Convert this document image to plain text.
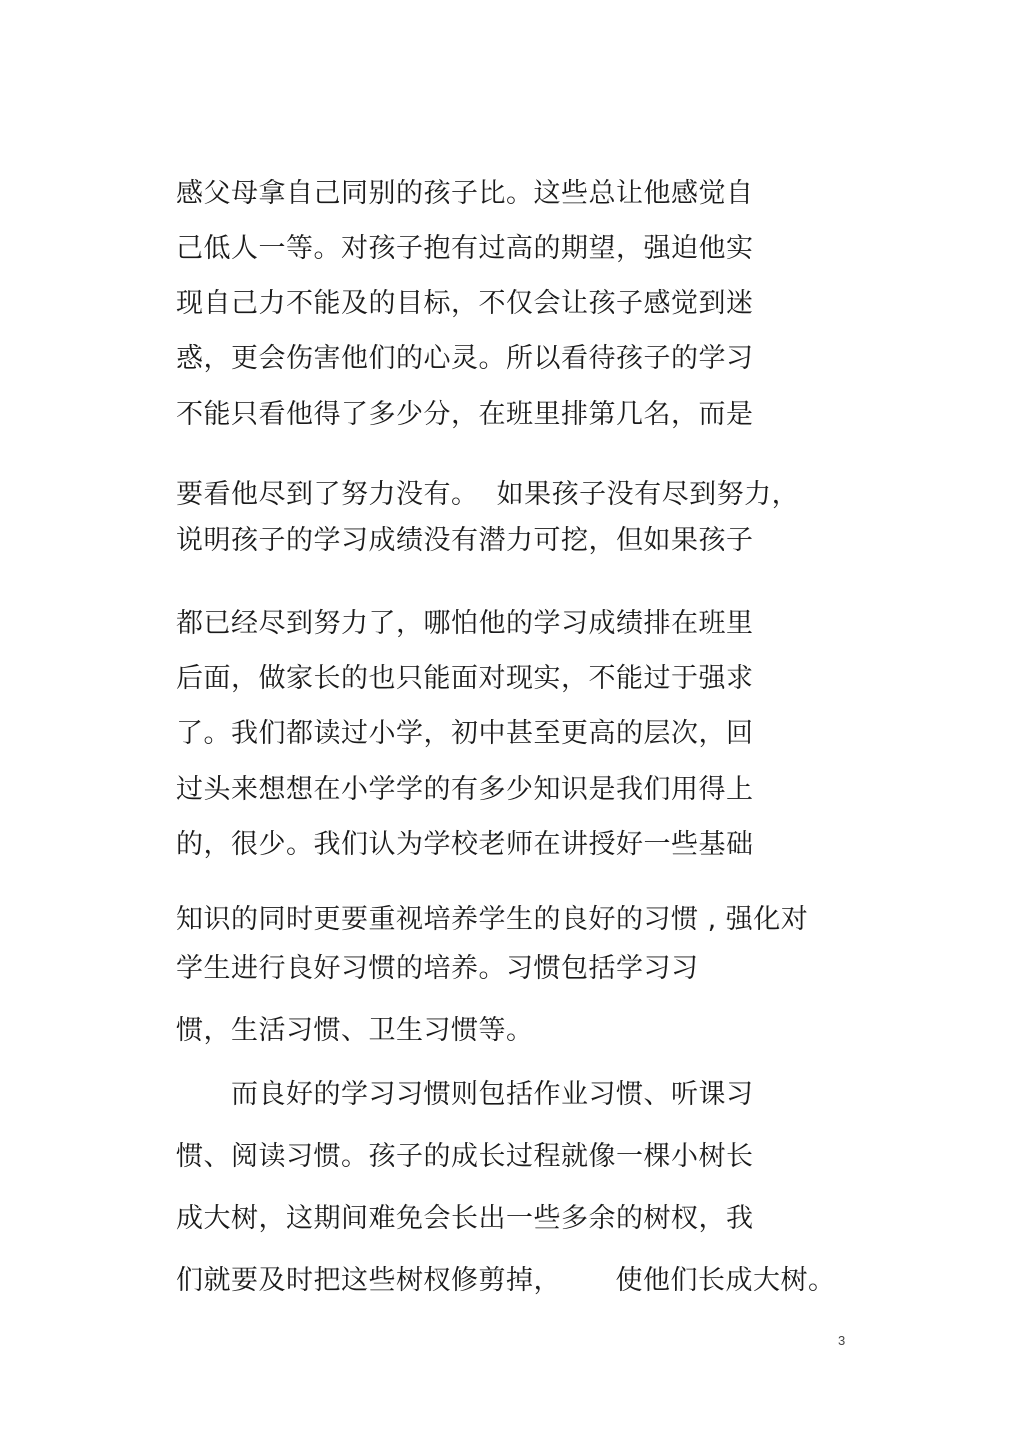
感父母拿自己同别的孩子比。这些总让他感觉自
己低人一等。对孩子抱有过高的期望，强迫他实
现自己力不能及的目标，不仅会让孩子感觉到迷
惑，更会伤害他们的心灵。所以看待孩子的学习
不能只看他得了多少分，在班里排第几名，而是
要看他尽到了努力没有。  如果孩子没有尽到努力，
说明孩子的学习成绩没有潜力可挖，但如果孩子
都已经尽到努力了，哪怕他的学习成绩排在班里
后面，做家长的也只能面对现实，不能过于强求
了。我们都读过小学，初中甚至更高的层次，回
过头来想想在小学学的有多少知识是我们用得上
的，很少。我们认为学校老师在讲授好一些基础
知识的同时更要重视培养学生的良好的习惯 , 强化对
学生进行良好习惯的培养。习惯包括学习习
惯，生活习惯、卫生习惯等。
　　而良好的学习习惯则包括作业习惯、听课习
惯、阅读习惯。孩子的成长过程就像一棵小树长
成大树，这期间难免会长出一些多余的树杈，我
们就要及时把这些树杈修剪掉，      使他们长成大树。
3
